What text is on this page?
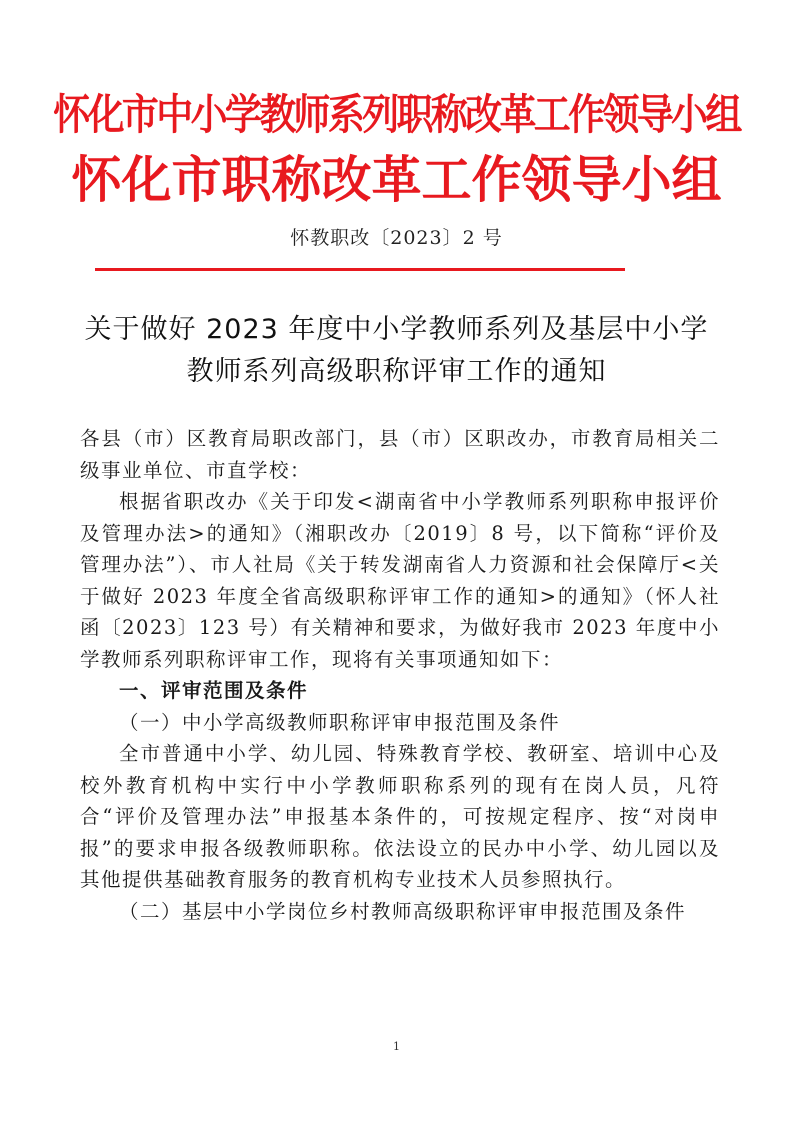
怀化市中小学教师系列职称改革工作领导小组
怀化市职称改革工作领导小组
怀教职改〔2023〕2 号
关于做好 2023 年度中小学教师系列及基层中小学
教师系列高级职称评审工作的通知

各县（市）区教育局职改部门，县（市）区职改办，市教育局相关二级事业单位、市直学校：

根据省职改办《关于印发<湖南省中小学教师系列职称申报评价及管理办法>的通知》（湘职改办〔2019〕8 号，以下简称“评价及管理办法”）、市人社局《关于转发湖南省人力资源和社会保障厅<关于做好 2023 年度全省高级职称评审工作的通知>的通知》（怀人社函〔2023〕123 号）有关精神和要求，为做好我市 2023 年度中小学教师系列职称评审工作，现将有关事项通知如下：

一、评审范围及条件

（一）中小学高级教师职称评审申报范围及条件

全市普通中小学、幼儿园、特殊教育学校、教研室、培训中心及校外教育机构中实行中小学教师职称系列的现有在岗人员，凡符合“评价及管理办法”申报基本条件的，可按规定程序、按“对岗申报”的要求申报各级教师职称。依法设立的民办中小学、幼儿园以及其他提供基础教育服务的教育机构专业技术人员参照执行。

（二）基层中小学岗位乡村教师高级职称评审申报范围及条件

1
